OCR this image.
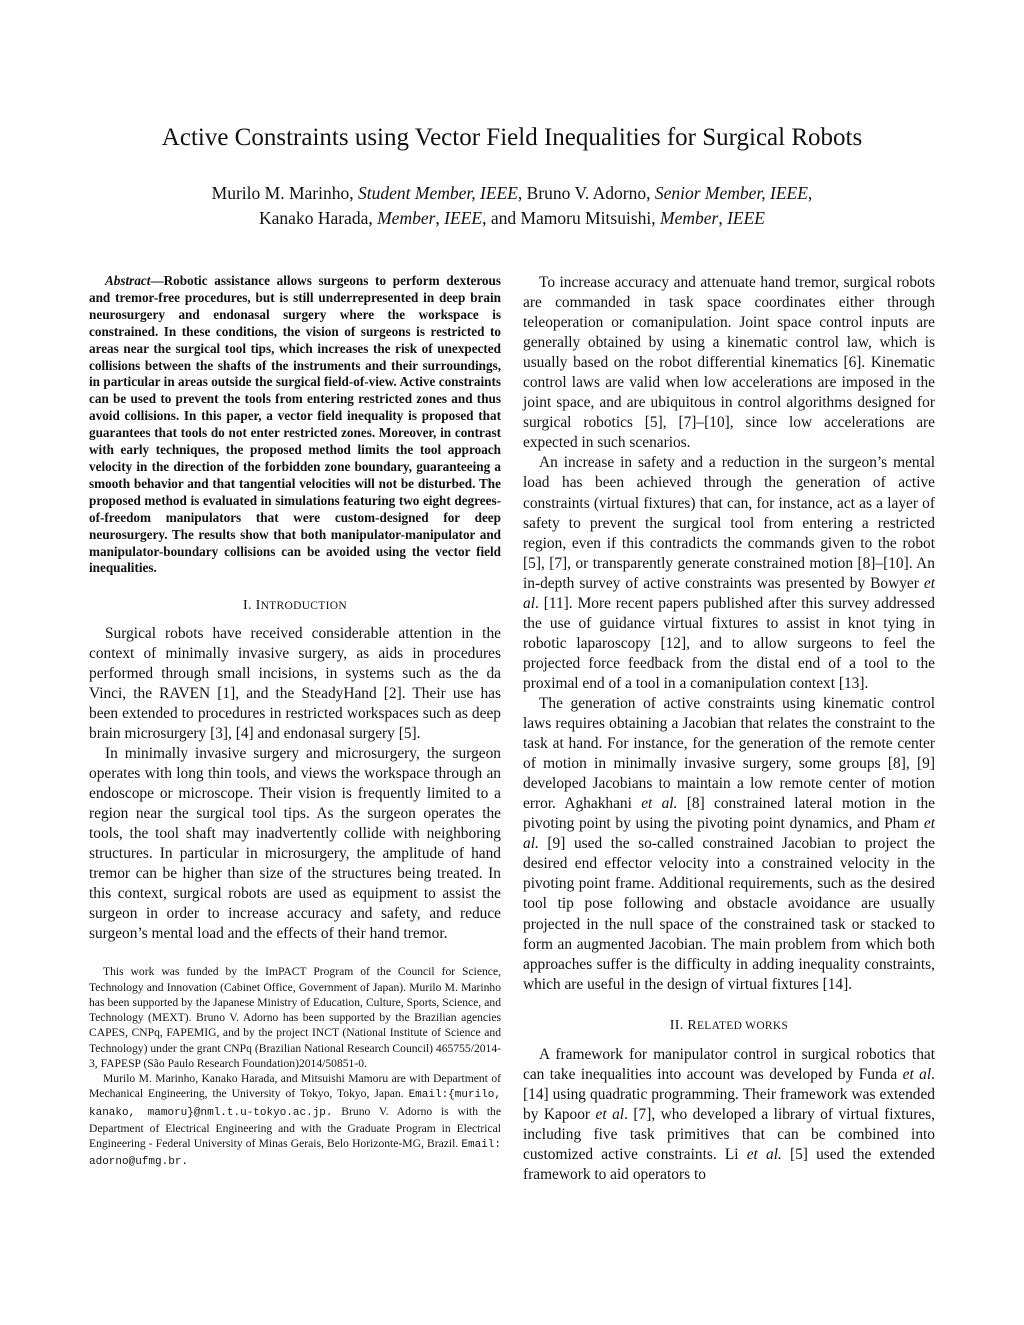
Active Constraints using Vector Field Inequalities for Surgical Robots
Murilo M. Marinho, Student Member, IEEE, Bruno V. Adorno, Senior Member, IEEE,
Kanako Harada, Member, IEEE, and Mamoru Mitsuishi, Member, IEEE

Abstract—Robotic assistance allows surgeons to perform dexterous and tremor-free procedures, but is still underrepresented in deep brain neurosurgery and endonasal surgery where the workspace is constrained. In these conditions, the vision of surgeons is restricted to areas near the surgical tool tips, which increases the risk of unexpected collisions between the shafts of the instruments and their surroundings, in particular in areas outside the surgical field-of-view. Active constraints can be used to prevent the tools from entering restricted zones and thus avoid collisions. In this paper, a vector field inequality is proposed that guarantees that tools do not enter restricted zones. Moreover, in contrast with early techniques, the proposed method limits the tool approach velocity in the direction of the forbidden zone boundary, guaranteeing a smooth behavior and that tangential velocities will not be disturbed. The proposed method is evaluated in simulations featuring two eight degrees-of-freedom manipulators that were custom-designed for deep neurosurgery. The results show that both manipulator-manipulator and manipulator-boundary collisions can be avoided using the vector field inequalities.

I. INTRODUCTION

Surgical robots have received considerable attention in the context of minimally invasive surgery, as aids in procedures performed through small incisions, in systems such as the da Vinci, the RAVEN [1], and the SteadyHand [2]. Their use has been extended to procedures in restricted workspaces such as deep brain microsurgery [3], [4] and endonasal surgery [5].

In minimally invasive surgery and microsurgery, the surgeon operates with long thin tools, and views the workspace through an endoscope or microscope. Their vision is frequently limited to a region near the surgical tool tips. As the surgeon operates the tools, the tool shaft may inadvertently collide with neighboring structures. In particular in microsurgery, the amplitude of hand tremor can be higher than size of the structures being treated. In this context, surgical robots are used as equipment to assist the surgeon in order to increase accuracy and safety, and reduce surgeon’s mental load and the effects of their hand tremor.

This work was funded by the ImPACT Program of the Council for Science, Technology and Innovation (Cabinet Office, Government of Japan). Murilo M. Marinho has been supported by the Japanese Ministry of Education, Culture, Sports, Science, and Technology (MEXT). Bruno V. Adorno has been supported by the Brazilian agencies CAPES, CNPq, FAPEMIG, and by the project INCT (National Institute of Science and Technology) under the grant CNPq (Brazilian National Research Council) 465755/2014-3, FAPESP (São Paulo Research Foundation)2014/50851-0.

Murilo M. Marinho, Kanako Harada, and Mitsuishi Mamoru are with Department of Mechanical Engineering, the University of Tokyo, Tokyo, Japan. Email:{murilo, kanako, mamoru}@nml.t.u-tokyo.ac.jp. Bruno V. Adorno is with the Department of Electrical Engineering and with the Graduate Program in Electrical Engineering - Federal University of Minas Gerais, Belo Horizonte-MG, Brazil. Email: adorno@ufmg.br.

To increase accuracy and attenuate hand tremor, surgical robots are commanded in task space coordinates either through teleoperation or comanipulation. Joint space control inputs are generally obtained by using a kinematic control law, which is usually based on the robot differential kinematics [6]. Kinematic control laws are valid when low accelerations are imposed in the joint space, and are ubiquitous in control algorithms designed for surgical robotics [5], [7]–[10], since low accelerations are expected in such scenarios.

An increase in safety and a reduction in the surgeon’s mental load has been achieved through the generation of active constraints (virtual fixtures) that can, for instance, act as a layer of safety to prevent the surgical tool from entering a restricted region, even if this contradicts the commands given to the robot [5], [7], or transparently generate constrained motion [8]–[10]. An in-depth survey of active constraints was presented by Bowyer et al. [11]. More recent papers published after this survey addressed the use of guidance virtual fixtures to assist in knot tying in robotic laparoscopy [12], and to allow surgeons to feel the projected force feedback from the distal end of a tool to the proximal end of a tool in a comanipulation context [13].

The generation of active constraints using kinematic control laws requires obtaining a Jacobian that relates the constraint to the task at hand. For instance, for the generation of the remote center of motion in minimally invasive surgery, some groups [8], [9] developed Jacobians to maintain a low remote center of motion error. Aghakhani et al. [8] constrained lateral motion in the pivoting point by using the pivoting point dynamics, and Pham et al. [9] used the so-called constrained Jacobian to project the desired end effector velocity into a constrained velocity in the pivoting point frame. Additional requirements, such as the desired tool tip pose following and obstacle avoidance are usually projected in the null space of the constrained task or stacked to form an augmented Jacobian. The main problem from which both approaches suffer is the difficulty in adding inequality constraints, which are useful in the design of virtual fixtures [14].

II. RELATED WORKS

A framework for manipulator control in surgical robotics that can take inequalities into account was developed by Funda et al. [14] using quadratic programming. Their framework was extended by Kapoor et al. [7], who developed a library of virtual fixtures, including five task primitives that can be combined into customized active constraints. Li et al. [5] used the extended framework to aid operators to
